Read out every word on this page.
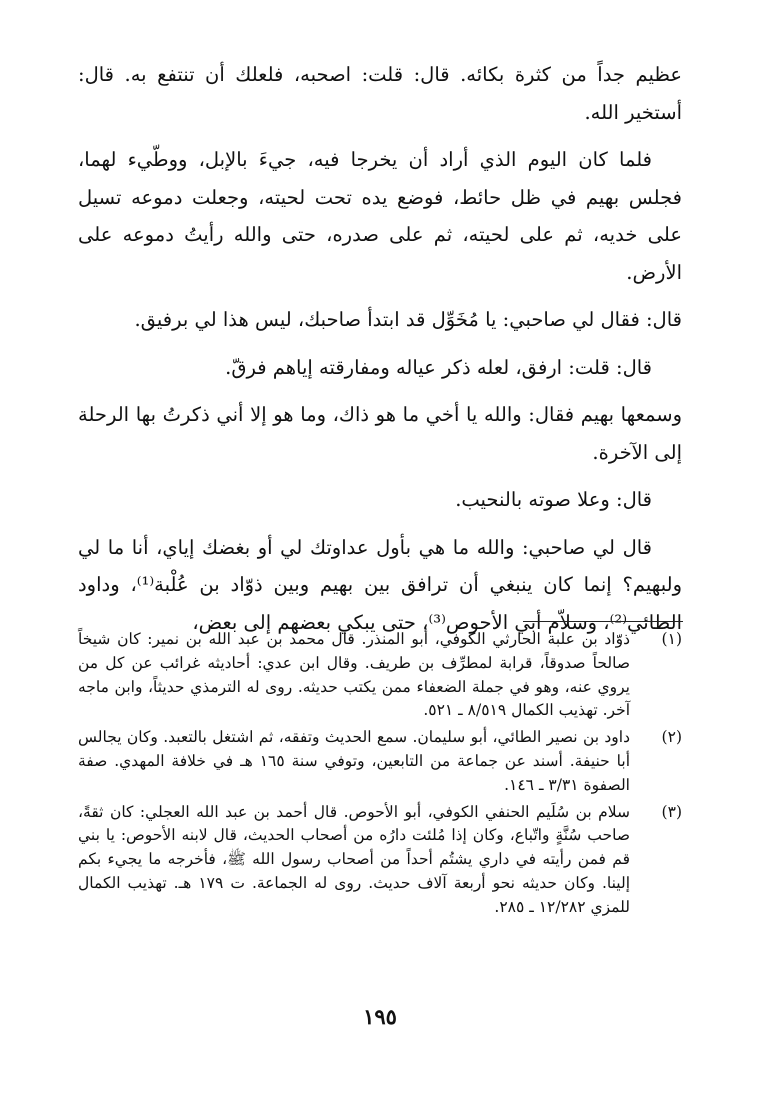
عظيم جداً من كثرة بكائه. قال: قلت: اصحبه، فلعلك أن تنتفع به. قال: أستخير الله.

فلما كان اليوم الذي أراد أن يخرجا فيه، جيءَ بالإبل، ووطّيء لهما، فجلس بهيم في ظل حائط، فوضع يده تحت لحيته، وجعلت دموعه تسيل على خديه، ثم على لحيته، ثم على صدره، حتى والله رأيتُ دموعه على الأرض.

قال: فقال لي صاحبي: يا مُخَوِّل قد ابتدأ صاحبك، ليس هذا لي برفيق.

قال: قلت: ارفق، لعله ذكر عياله ومفارقته إياهم فرقّ.

وسمعها بهيم فقال: والله يا أخي ما هو ذاك، وما هو إلا أني ذكرتُ بها الرحلة إلى الآخرة.

قال: وعلا صوته بالنحيب.

قال لي صاحبي: والله ما هي بأول عداوتك لي أو بغضك إياي، أنا ما لي ولبهيم؟ إنما كان ينبغي أن ترافق بين بهيم وبين ذوّاد بن عُلْبة⁽¹⁾، وداود الطائي⁽²⁾، وسلاّم أبي الأحوص⁽³⁾، حتى يبكي بعضهم إلى بعض،

(١)
ذوّاد بن علبة الحارثي الكوفي، أبو المنذر. قال محمد بن عبد الله بن نمير: كان شيخاً صالحاً صدوقاً، قرابة لمطرِّف بن طريف. وقال ابن عدي: أحاديثه غرائب عن كل من يروي عنه، وهو في جملة الضعفاء ممن يكتب حديثه. روى له الترمذي حديثاً، وابن ماجه آخر. تهذيب الكمال ٨/٥١٩ ـ ٥٢١.
(٢)
داود بن نصير الطائي، أبو سليمان. سمع الحديث وتفقه، ثم اشتغل بالتعبد. وكان يجالس أبا حنيفة. أسند عن جماعة من التابعين، وتوفي سنة ١٦٥ هـ في خلافة المهدي. صفة الصفوة ٣/٣١ ـ ١٤٦.
(٣)
سلام بن سُلَيم الحنفي الكوفي، أبو الأحوص. قال أحمد بن عبد الله العجلي: كان ثقةً، صاحب سُنَّةٍ واتّباع، وكان إذا مُلئت دارُه من أصحاب الحديث، قال لابنه الأحوص: يا بني قم فمن رأيته في داري يشتُم أحداً من أصحاب رسول الله ﷺ، فأخرجه ما يجيء بكم إلينا. وكان حديثه نحو أربعة آلاف حديث. روى له الجماعة. ت ١٧٩ هـ. تهذيب الكمال للمزي ١٢/٢٨٢ ـ ٢٨٥.
١٩٥
